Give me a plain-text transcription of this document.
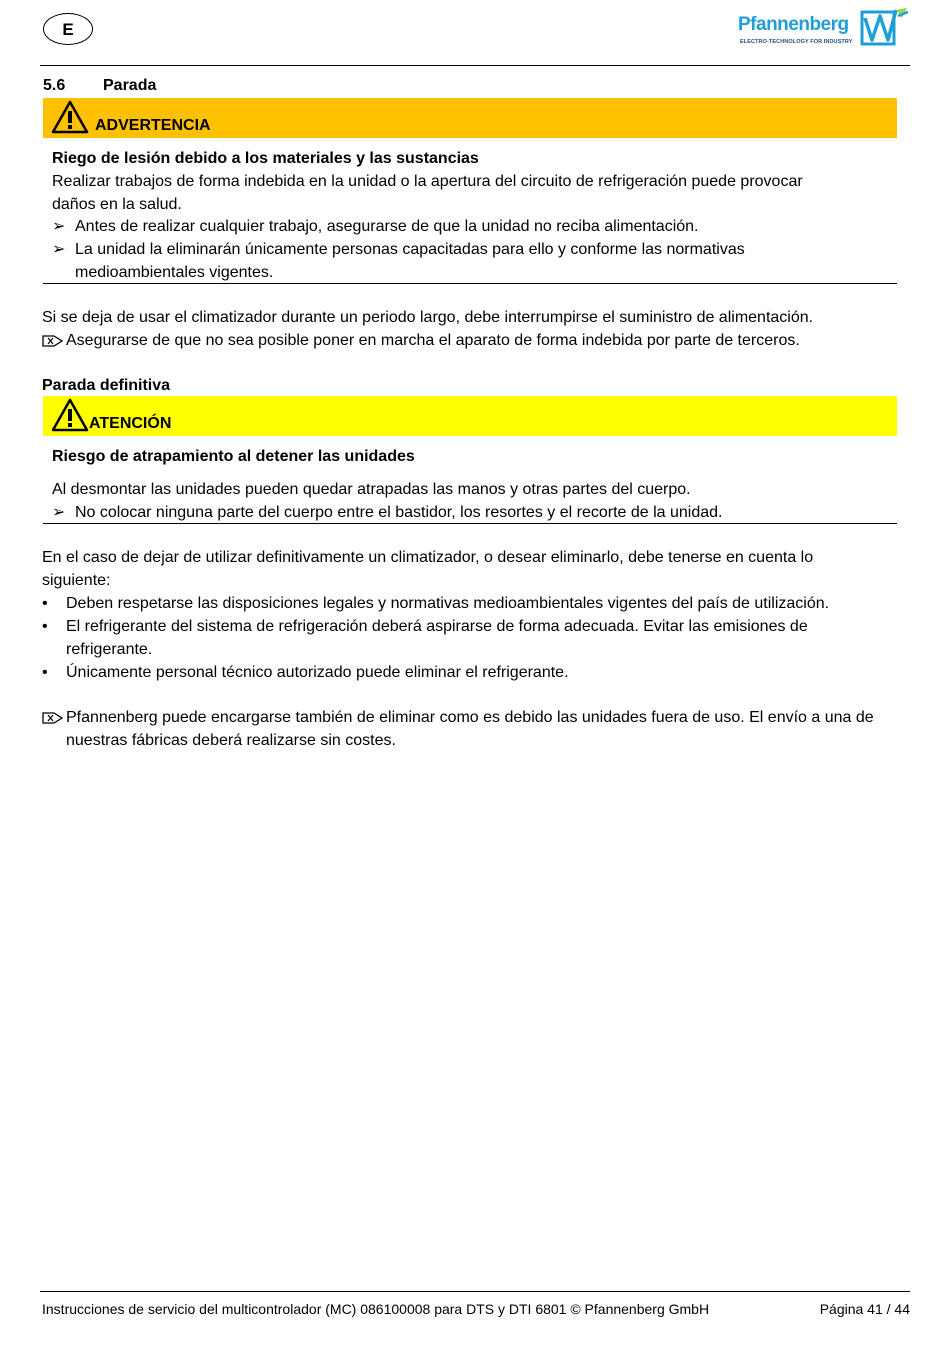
E	Pfannenberg
ELECTRO-TECHNOLOGY FOR INDUSTRY
5.6 Parada
ADVERTENCIA
Riego de lesión debido a los materiales y las sustancias
Realizar trabajos de forma indebida en la unidad o la apertura del circuito de refrigeración puede provocar
daños en la salud.
➢ Antes de realizar cualquier trabajo, asegurarse de que la unidad no reciba alimentación.
➢ La unidad la eliminarán únicamente personas capacitadas para ello y conforme las normativas medioambientales vigentes.
Si se deja de usar el climatizador durante un periodo largo, debe interrumpirse el suministro de alimentación.
Asegurarse de que no sea posible poner en marcha el aparato de forma indebida por parte de terceros.
Parada definitiva
ATENCIÓN
Riesgo de atrapamiento al detener las unidades
Al desmontar las unidades pueden quedar atrapadas las manos y otras partes del cuerpo.
➢ No colocar ninguna parte del cuerpo entre el bastidor, los resortes y el recorte de la unidad.
En el caso de dejar de utilizar definitivamente un climatizador, o desear eliminarlo, debe tenerse en cuenta lo siguiente:
• Deben respetarse las disposiciones legales y normativas medioambientales vigentes del país de utilización.
• El refrigerante del sistema de refrigeración deberá aspirarse de forma adecuada. Evitar las emisiones de refrigerante.
• Únicamente personal técnico autorizado puede eliminar el refrigerante.
Pfannenberg puede encargarse también de eliminar como es debido las unidades fuera de uso. El envío a una de nuestras fábricas deberá realizarse sin costes.
Instrucciones de servicio del multicontrolador (MC) 086100008 para DTS y DTI 6801 © Pfannenberg GmbH	Página 41 / 44
